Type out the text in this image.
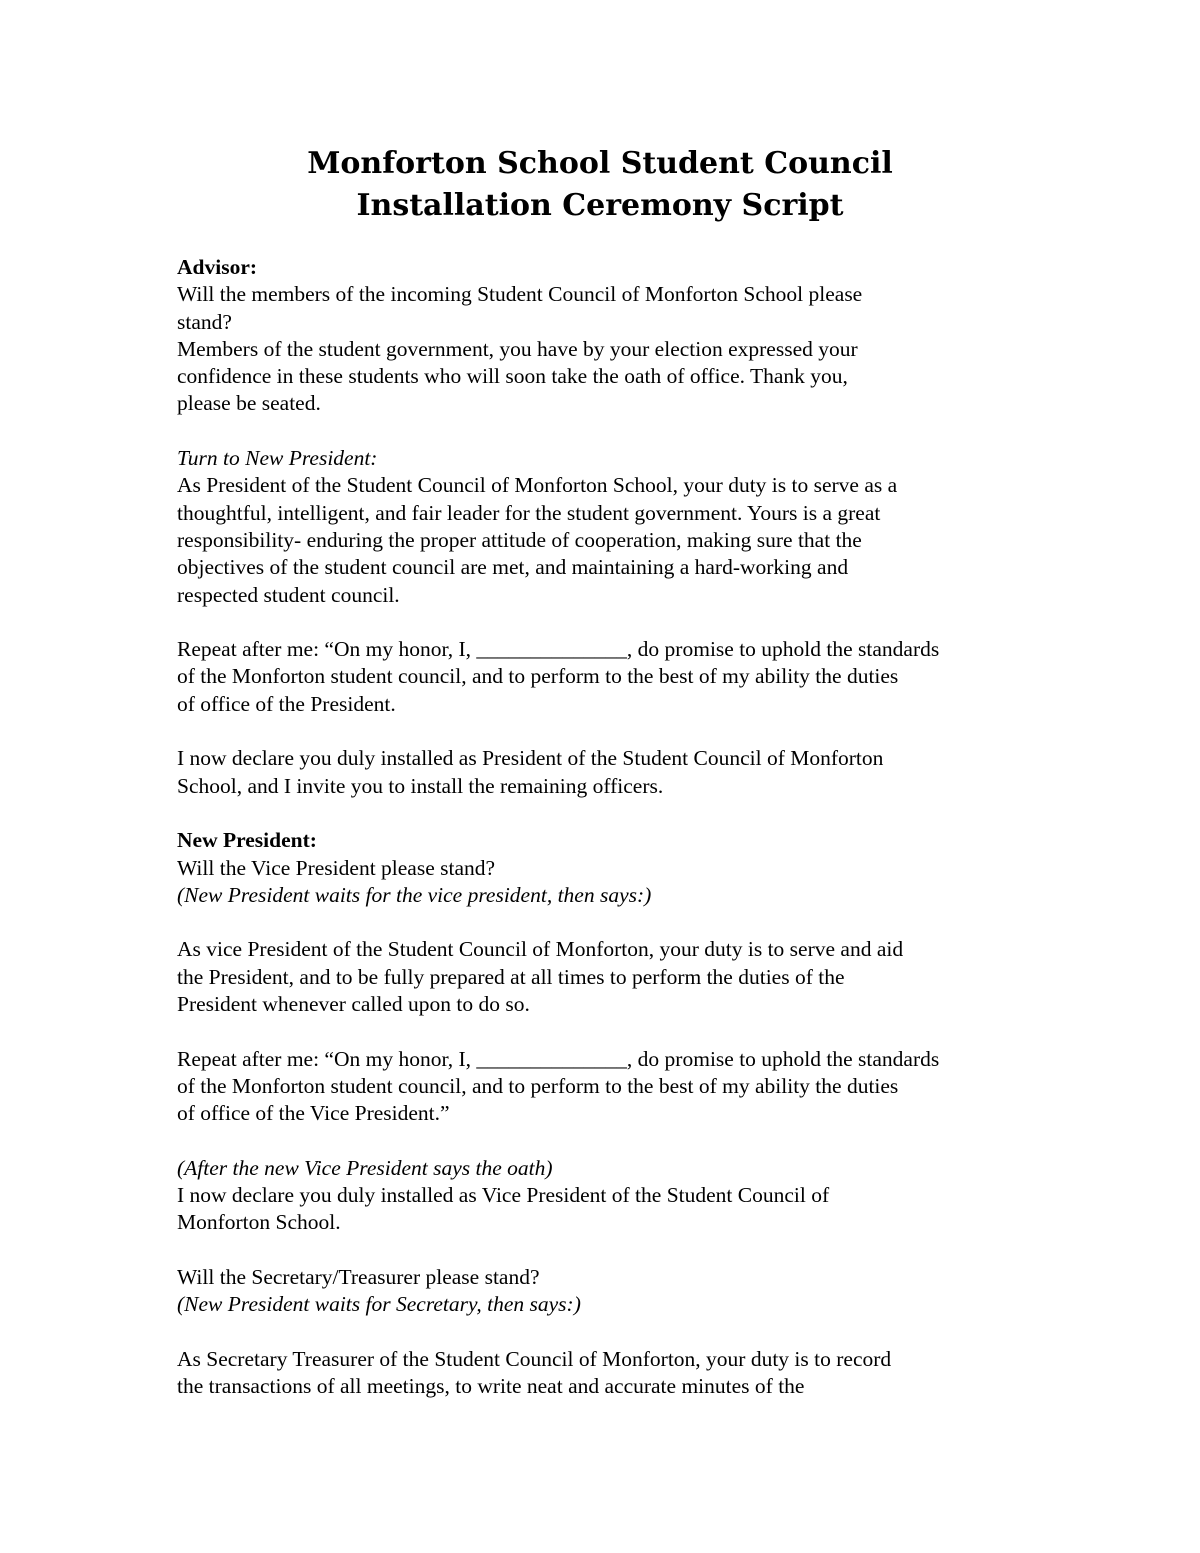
Monforton School Student Council
Installation Ceremony Script
Advisor:
Will the members of the incoming Student Council of Monforton School please
stand?
Members of the student government, you have by your election expressed your
confidence in these students who will soon take the oath of office. Thank you,
please be seated.
Turn to New President:
As President of the Student Council of Monforton School, your duty is to serve as a
thoughtful, intelligent, and fair leader for the student government. Yours is a great
responsibility- enduring the proper attitude of cooperation, making sure that the
objectives of the student council are met, and maintaining a hard-working and
respected student council.
Repeat after me: “On my honor, I, ______________, do promise to uphold the standards
of the Monforton student council, and to perform to the best of my ability the duties
of office of the President.
I now declare you duly installed as President of the Student Council of Monforton
School, and I invite you to install the remaining officers.
New President:
Will the Vice President please stand?
(New President waits for the vice president, then says:)
As vice President of the Student Council of Monforton, your duty is to serve and aid
the President, and to be fully prepared at all times to perform the duties of the
President whenever called upon to do so.
Repeat after me: “On my honor, I, ______________, do promise to uphold the standards
of the Monforton student council, and to perform to the best of my ability the duties
of office of the Vice President.”
(After the new Vice President says the oath)
I now declare you duly installed as Vice President of the Student Council of
Monforton School.
Will the Secretary/Treasurer please stand?
(New President waits for Secretary, then says:)
As Secretary Treasurer of the Student Council of Monforton, your duty is to record
the transactions of all meetings, to write neat and accurate minutes of the
